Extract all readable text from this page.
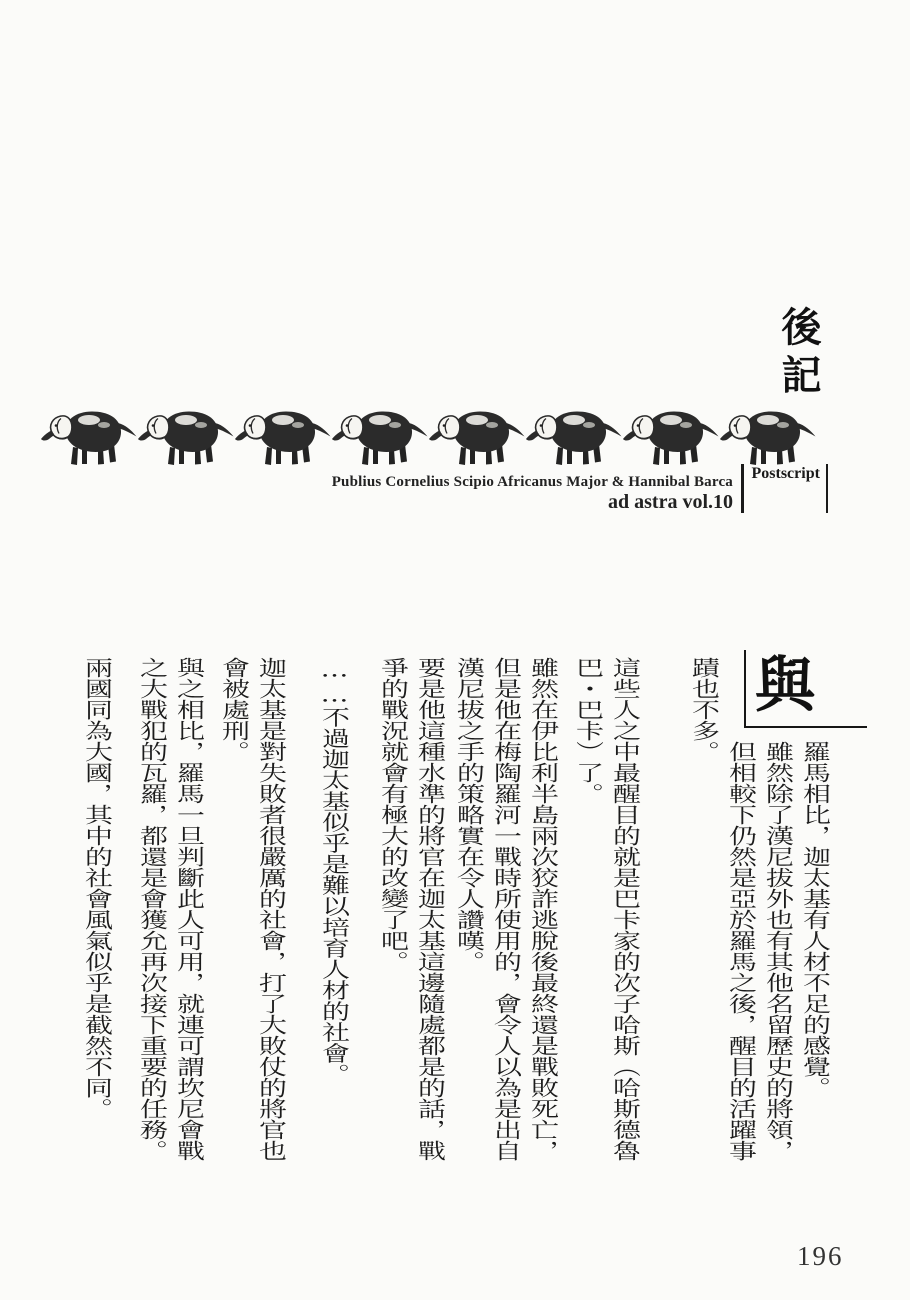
後記
Publius Cornelius Scipio Africanus Major & Hannibal Barca
ad astra vol.10
Postscript
與
羅馬相比，迦太基有人材不足的感覺。
雖然除了漢尼拔外也有其他名留歷史的將領，
但相較下仍然是亞於羅馬之後，醒目的活躍事
蹟也不多。
這些人之中最醒目的就是巴卡家的次子哈斯（哈斯德魯
巴・巴卡）了。
雖然在伊比利半島兩次狡詐逃脫後最終還是戰敗死亡，
但是他在梅陶羅河一戰時所使用的，會令人以為是出自
漢尼拔之手的策略實在令人讚嘆。
要是他這種水準的將官在迦太基這邊隨處都是的話，戰
爭的戰況就會有極大的改變了吧。
……不過迦太基似乎是難以培育人材的社會。
迦太基是對失敗者很嚴厲的社會，打了大敗仗的將官也
會被處刑。
與之相比，羅馬一旦判斷此人可用，就連可謂坎尼會戰
之大戰犯的瓦羅，都還是會獲允再次接下重要的任務。
兩國同為大國，其中的社會風氣似乎是截然不同。
196
